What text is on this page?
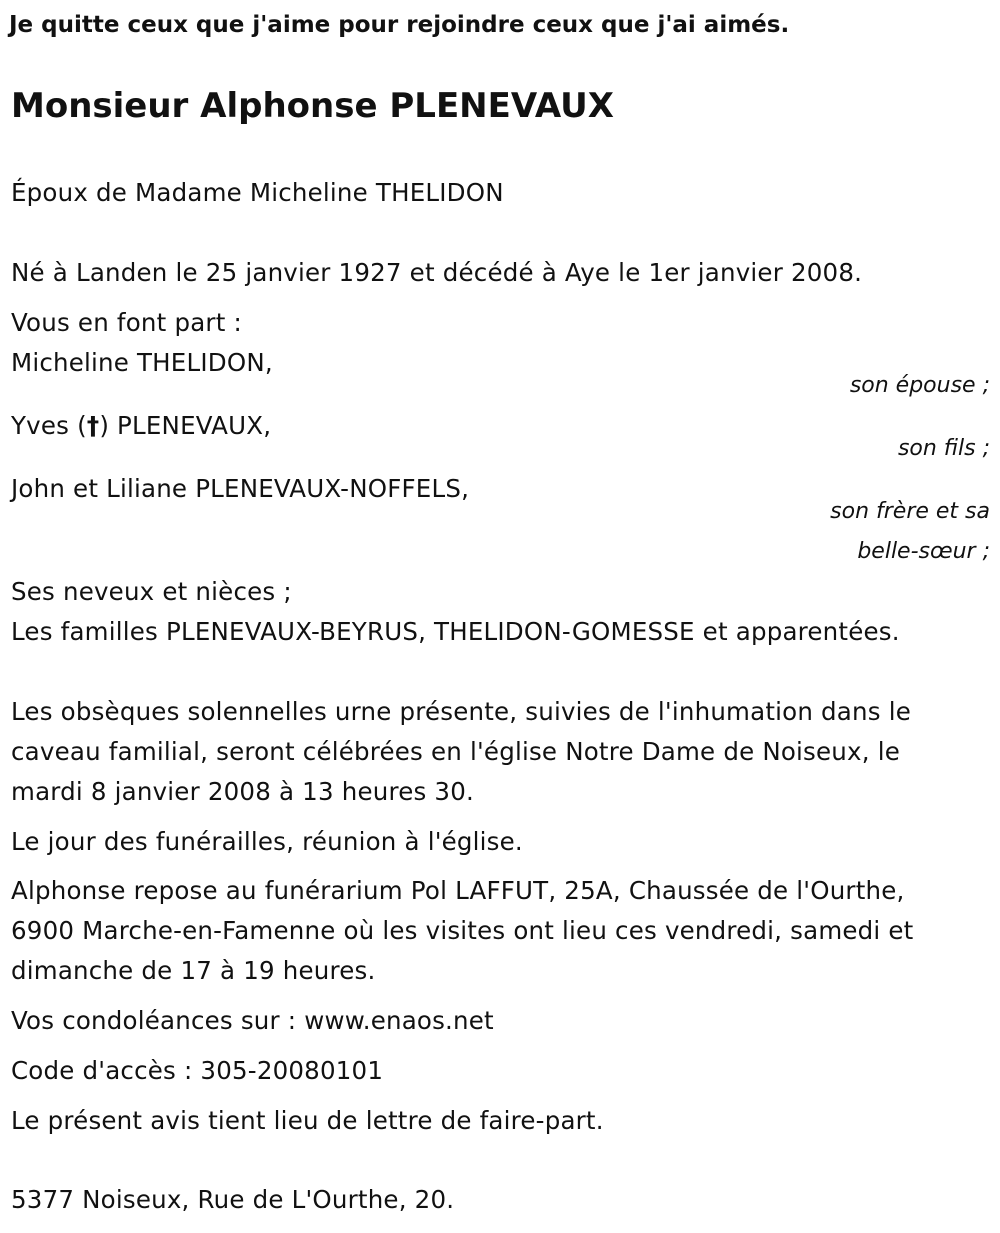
Je quitte ceux que j'aime pour rejoindre ceux que j'ai aimés.
Monsieur Alphonse PLENEVAUX
Époux de Madame Micheline THELIDON
Né à Landen le 25 janvier 1927 et décédé à Aye le 1er janvier 2008.
Vous en font part :
Micheline THELIDON,
son épouse ;
Yves (†) PLENEVAUX,
son fils ;
John et Liliane PLENEVAUX-NOFFELS,
son frère et sa
belle-sœur ;
Ses neveux et nièces ;
Les familles PLENEVAUX-BEYRUS, THELIDON-GOMESSE et apparentées.
Les obsèques solennelles urne présente, suivies de l'inhumation dans le
caveau familial, seront célébrées en l'église Notre Dame de Noiseux, le
mardi 8 janvier 2008 à 13 heures 30.
Le jour des funérailles, réunion à l'église.
Alphonse repose au funérarium Pol LAFFUT, 25A, Chaussée de l'Ourthe,
6900 Marche-en-Famenne où les visites ont lieu ces vendredi, samedi et
dimanche de 17 à 19 heures.
Vos condoléances sur : www.enaos.net
Code d'accès : 305-20080101
Le présent avis tient lieu de lettre de faire-part.
5377 Noiseux, Rue de L'Ourthe, 20.
